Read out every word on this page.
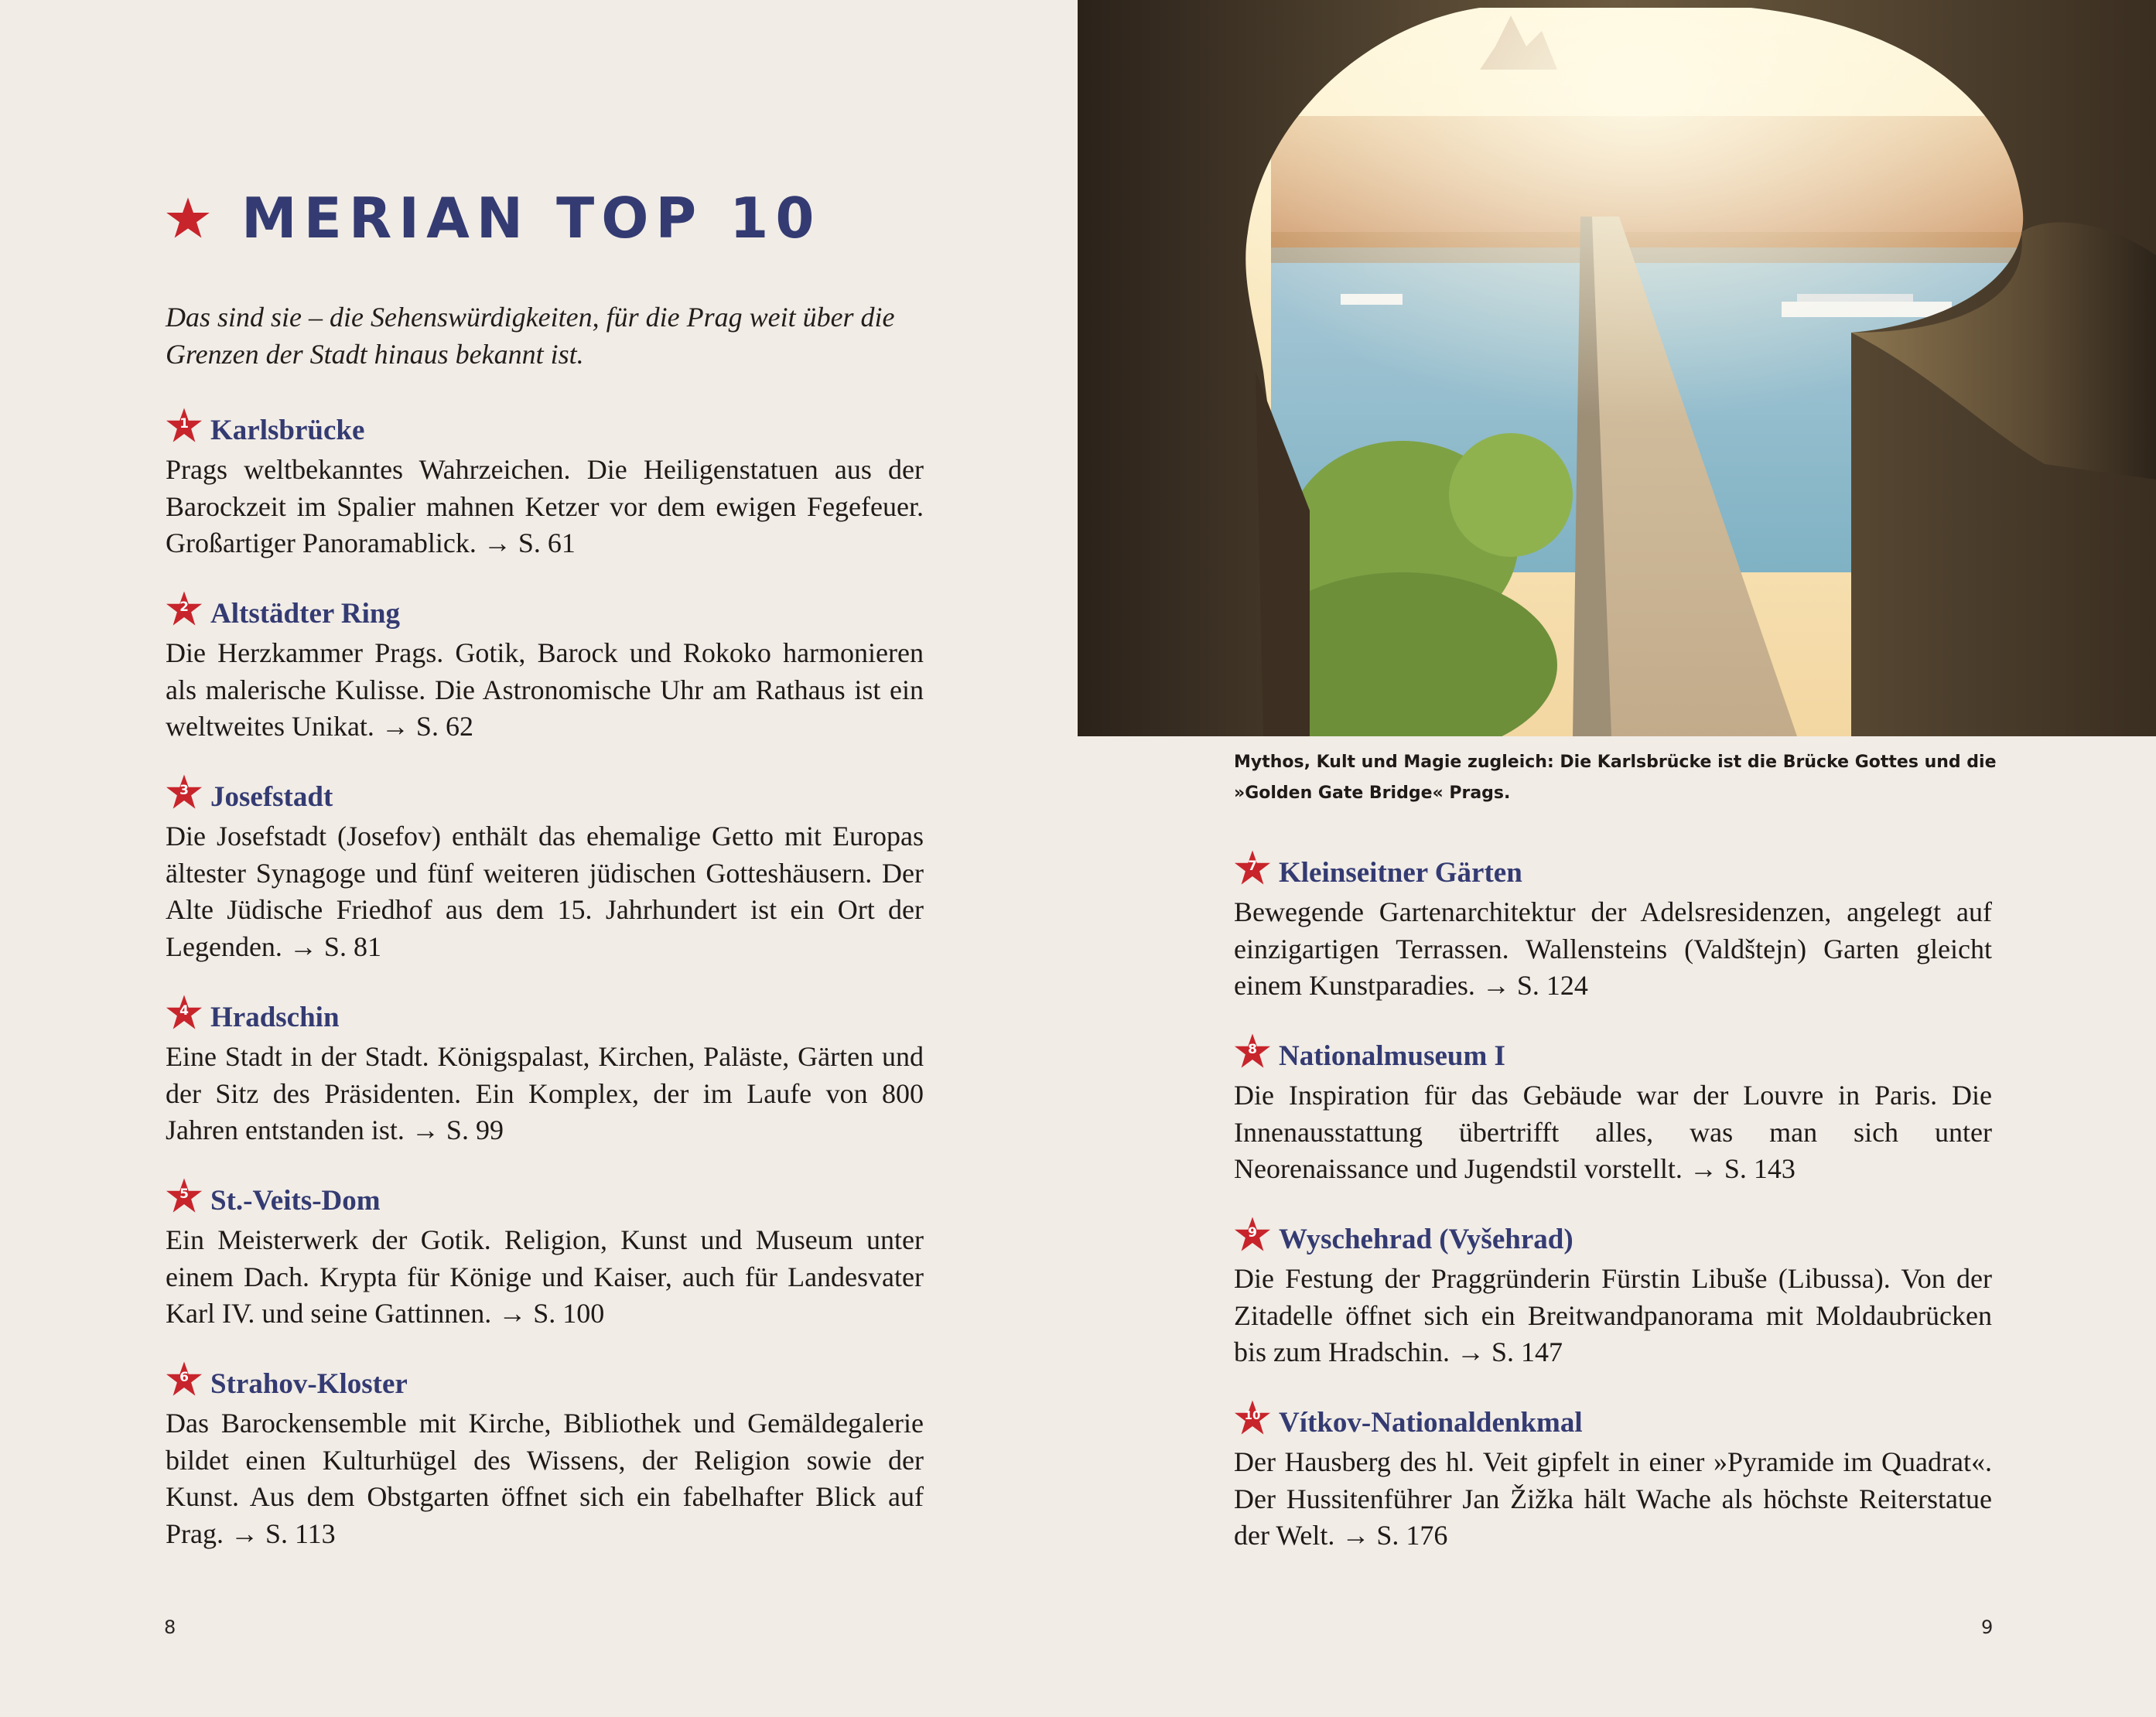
MERIAN TOP 10
Das sind sie – die Sehenswürdigkeiten, für die Prag weit über die Grenzen der Stadt hinaus bekannt ist.
1 Karlsbrücke
Prags weltbekanntes Wahrzeichen. Die Heiligenstatuen aus der Barockzeit im Spalier mahnen Ketzer vor dem ewigen Fegefeuer. Großartiger Panoramablick. → S. 61
2 Altstädter Ring
Die Herzkammer Prags. Gotik, Barock und Rokoko harmonieren als malerische Kulisse. Die Astronomische Uhr am Rathaus ist ein weltweites Unikat. → S. 62
3 Josefstadt
Die Josefstadt (Josefov) enthält das ehemalige Getto mit Europas ältester Synagoge und fünf weiteren jüdischen Gotteshäusern. Der Alte Jüdische Friedhof aus dem 15. Jahrhundert ist ein Ort der Legenden. → S. 81
4 Hradschin
Eine Stadt in der Stadt. Königspalast, Kirchen, Paläste, Gärten und der Sitz des Präsidenten. Ein Komplex, der im Laufe von 800 Jahren entstanden ist. → S. 99
5 St.-Veits-Dom
Ein Meisterwerk der Gotik. Religion, Kunst und Museum unter einem Dach. Krypta für Könige und Kaiser, auch für Landesvater Karl IV. und seine Gattinnen. → S. 100
6 Strahov-Kloster
Das Barockensemble mit Kirche, Bibliothek und Gemäldegalerie bildet einen Kulturhügel des Wissens, der Religion sowie der Kunst. Aus dem Obstgarten öffnet sich ein fabelhafter Blick auf Prag. → S. 113
8
Mythos, Kult und Magie zugleich: Die Karlsbrücke ist die Brücke Gottes und die »Golden Gate Bridge« Prags.
7 Kleinseitner Gärten
Bewegende Gartenarchitektur der Adelsresidenzen, angelegt auf einzigartigen Terrassen. Wallensteins (Valdštejn) Garten gleicht einem Kunstparadies. → S. 124
8 Nationalmuseum I
Die Inspiration für das Gebäude war der Louvre in Paris. Die Innenausstattung übertrifft alles, was man sich unter Neorenaissance und Jugendstil vorstellt. → S. 143
9 Wyschehrad (Vyšehrad)
Die Festung der Praggründerin Fürstin Libuše (Libussa). Von der Zitadelle öffnet sich ein Breitwandpanorama mit Moldaubrücken bis zum Hradschin. → S. 147
10 Vítkov-Nationaldenkmal
Der Hausberg des hl. Veit gipfelt in einer »Pyramide im Quadrat«. Der Hussitenführer Jan Žižka hält Wache als höchste Reiterstatue der Welt. → S. 176
9
